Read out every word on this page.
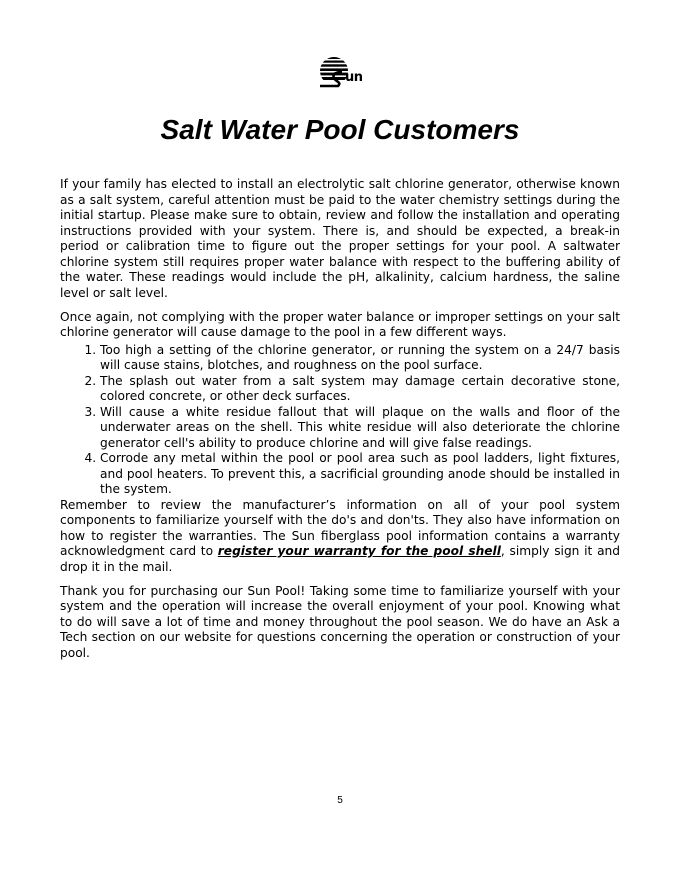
un
Salt Water Pool Customers

If your family has elected to install an electrolytic salt chlorine generator, otherwise known as a salt system, careful attention must be paid to the water chemistry settings during the initial startup. Please make sure to obtain, review and follow the installation and operating instructions provided with your system. There is, and should be expected, a break-in period or calibration time to figure out the proper settings for your pool. A saltwater chlorine system still requires proper water balance with respect to the buffering ability of the water. These readings would include the pH, alkalinity, calcium hardness, the saline level or salt level.

Once again, not complying with the proper water balance or improper settings on your salt chlorine generator will cause damage to the pool in a few different ways.

1. Too high a setting of the chlorine generator, or running the system on a 24/7 basis will cause stains, blotches, and roughness on the pool surface.
2. The splash out water from a salt system may damage certain decorative stone, colored concrete, or other deck surfaces.
3. Will cause a white residue fallout that will plaque on the walls and floor of the underwater areas on the shell. This white residue will also deteriorate the chlorine generator cell's ability to produce chlorine and will give false readings.
4. Corrode any metal within the pool or pool area such as pool ladders, light fixtures, and pool heaters. To prevent this, a sacrificial grounding anode should be installed in the system.

Remember to review the manufacturer’s information on all of your pool system components to familiarize yourself with the do's and don'ts. They also have information on how to register the warranties. The Sun fiberglass pool information contains a warranty acknowledgment card to register your warranty for the pool shell, simply sign it and drop it in the mail.

Thank you for purchasing our Sun Pool! Taking some time to familiarize yourself with your system and the operation will increase the overall enjoyment of your pool. Knowing what to do will save a lot of time and money throughout the pool season. We do have an Ask a Tech section on our website for questions concerning the operation or construction of your pool.

5
